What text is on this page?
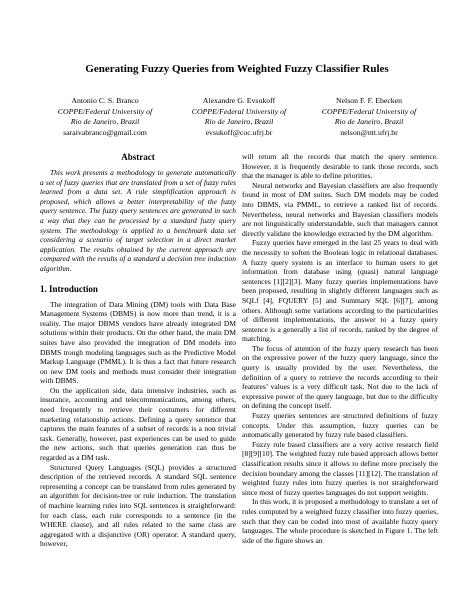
Generating Fuzzy Queries from Weighted Fuzzy Classifier Rules
Antonio C. S. Branco
COPPE/Federal University of
Rio de Janeiro, Brazil
saraivabranco@gmail.com
Alexandre G. Evsukoff
COPPE/Federal University of
Rio de Janeiro, Brazil
evsukoff@coc.ufrj.br
Nelson F. F. Ebecken
COPPE/Federal University of
Rio de Janeiro, Brazil
nelson@ntt.ufrj.br
Abstract

This work presents a methodology to generate automatically a set of fuzzy queries that are translated from a set of fuzzy rules learned from a data set. A rule simplification approach is proposed, which allows a better interpretability of the fuzzy query sentence. The fuzzy query sentences are generated in such a way that they can be processed by a standard fuzzy query system. The methodology is applied to a benchmark data set considering a scenario of target selection in a direct market application. The results obtained by the current approach are compared with the results of a standard a decision tree induction algorithm.

1. Introduction

The integration of Data Mining (DM) tools with Data Base Management Systems (DBMS) is now more than trend, it is a reality. The major DBMS vendors have already integrated DM solutions within their products. On the other hand, the main DM suites have also provided the integration of DM models into DBMS trough modeling languages such as the Predictive Model Markup Language (PMML). It is thus a fact that future research on new DM tools and methods must consider their integration with DBMS.

On the application side, data intensive industries, such as insurance, accounting and telecommunications, among others, need frequently to retrieve their costumers for different marketing relationship actions. Defining a query sentence that captures the main features of a subset of records is a non trivial task. Generally, however, past experiences can be used to guide the new actions, such that queries generation can thus be regarded as a DM task.

Structured Query Languages (SQL) provides a structured description of the retrieved records. A standard SQL sentence representing a concept can be translated from rules generated by an algorithm for decision-tree or rule induction. The translation of machine learning rules into SQL sentences is straightforward: for each class, each rule corresponds to a sentence (in the WHERE clause), and all rules related to the same class are aggregated with a disjunctive (OR) operator. A standard query, however,

will return all the records that match the query sentence. However, it is frequently desirable to rank those records, such that the manager is able to define priorities.

Neural networks and Bayesian classifiers are also frequently found in most of DM suites. Such DM models may be coded into DBMS, via PMML, to retrieve a ranked list of records. Nevertheless, neural networks and Bayesian classifiers models are not linguistically understandable, such that managers cannot directly validate the knowledge extracted by the DM algorithm.

Fuzzy queries have emerged in the last 25 years to deal with the necessity to soften the Boolean logic in relational databases. A fuzzy query system is an interface to human users to get information from database using (quasi) natural language sentences [1][2][3]. Many fuzzy queries implementations have been proposed, resulting in slightly different languages such as SQLf [4], FQUERY [5] and Summary SQL [6][7], among others. Although some variations according to the particularities of different implementations, the answer to a fuzzy query sentence is a generally a list of records, ranked by the degree of matching.

The focus of attention of the fuzzy query research has been on the expressive power of the fuzzy query language, since the query is usually provided by the user. Nevertheless, the definition of a query to retrieve the records according to their features’ values is a very difficult task. Not due to the lack of expressive power of the query language, but due to the difficulty on defining the concept itself.

Fuzzy queries sentences are structured definitions of fuzzy concepts. Under this assumption, fuzzy queries can be automatically generated by fuzzy rule based classifiers.

Fuzzy rule based classifiers are a very active research field [8][9][10]. The weighted fuzzy rule based approach allows better classification results since it allows to define more precisely the decision boundary among the classes [11][12]. The translation of weighted fuzzy rules into fuzzy queries is not straightforward since most of fuzzy queries languages do not support weights.

In this work, it is proposed a methodology to translate a set of rules computed by a weighted fuzzy classifier into fuzzy queries, such that they can be coded into most of available fuzzy query languages. The whole procedure is sketched in Figure 1. The left side of the figure shows an
